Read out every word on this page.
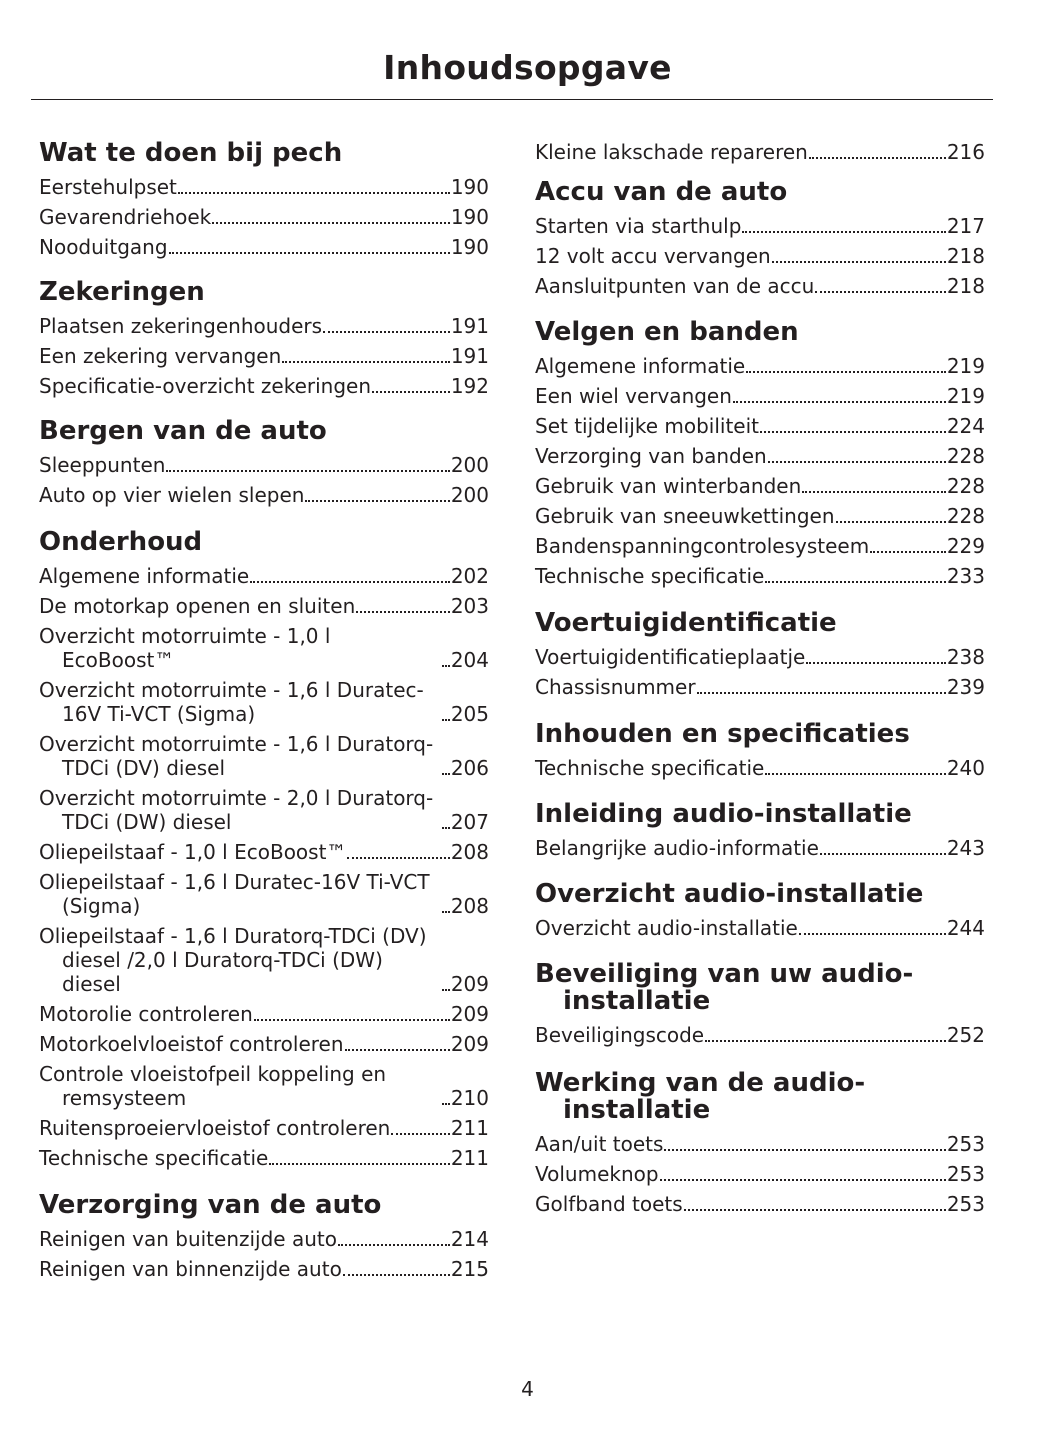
Inhoudsopgave
Wat te doen bij pech
Eerstehulpset	190
Gevarendriehoek	190
Nooduitgang	190
Zekeringen
Plaatsen zekeringenhouders	191
Een zekering vervangen	191
Specificatie-overzicht zekeringen	192
Bergen van de auto
Sleeppunten	200
Auto op vier wielen slepen	200
Onderhoud
Algemene informatie	202
De motorkap openen en sluiten	203
Overzicht motorruimte - 1,0 l EcoBoost™	204
Overzicht motorruimte - 1,6 l Duratec-16V Ti-VCT (Sigma)	205
Overzicht motorruimte - 1,6 l Duratorq-TDCi (DV) diesel	206
Overzicht motorruimte - 2,0 l Duratorq-TDCi (DW) diesel	207
Oliepeilstaaf - 1,0 l EcoBoost™	208
Oliepeilstaaf - 1,6 l Duratec-16V Ti-VCT (Sigma)	208
Oliepeilstaaf - 1,6 l Duratorq-TDCi (DV) diesel /2,0 l Duratorq-TDCi (DW) diesel	209
Motorolie controleren	209
Motorkoelvloeistof controleren	209
Controle vloeistofpeil koppeling en remsysteem	210
Ruitensproeiervloeistof controleren	211
Technische specificatie	211
Verzorging van de auto
Reinigen van buitenzijde auto	214
Reinigen van binnenzijde auto	215
Kleine lakschade repareren	216
Accu van de auto
Starten via starthulp	217
12 volt accu vervangen	218
Aansluitpunten van de accu	218
Velgen en banden
Algemene informatie	219
Een wiel vervangen	219
Set tijdelijke mobiliteit	224
Verzorging van banden	228
Gebruik van winterbanden	228
Gebruik van sneeuwkettingen	228
Bandenspanningcontrolesysteem	229
Technische specificatie	233
Voertuigidentificatie
Voertuigidentificatieplaatje	238
Chassisnummer	239
Inhouden en specificaties
Technische specificatie	240
Inleiding audio-installatie
Belangrijke audio-informatie	243
Overzicht audio-installatie
Overzicht audio-installatie	244
Beveiliging van uw audio-installatie
Beveiligingscode	252
Werking van de audio-installatie
Aan/uit toets	253
Volumeknop	253
Golfband toets	253
4
